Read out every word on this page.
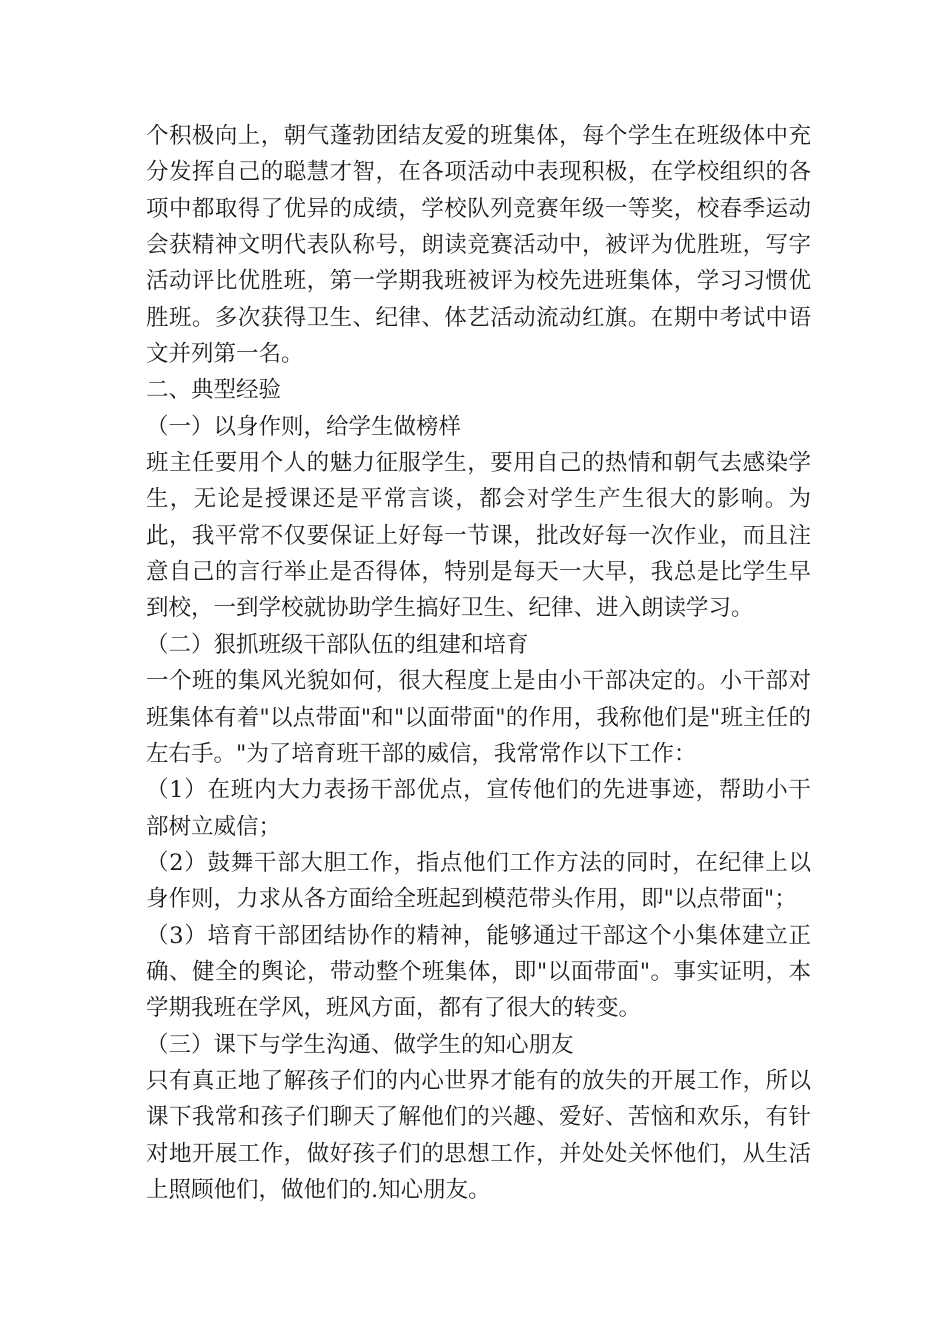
个积极向上，朝气蓬勃团结友爱的班集体，每个学生在班级体中充分发挥自己的聪慧才智，在各项活动中表现积极，在学校组织的各项中都取得了优异的成绩，学校队列竞赛年级一等奖，校春季运动会获精神文明代表队称号，朗读竞赛活动中，被评为优胜班，写字活动评比优胜班，第一学期我班被评为校先进班集体，学习习惯优胜班。多次获得卫生、纪律、体艺活动流动红旗。在期中考试中语文并列第一名。

二、典型经验

（一）以身作则，给学生做榜样

班主任要用个人的魅力征服学生，要用自己的热情和朝气去感染学生，无论是授课还是平常言谈，都会对学生产生很大的影响。为此，我平常不仅要保证上好每一节课，批改好每一次作业，而且注意自己的言行举止是否得体，特别是每天一大早，我总是比学生早到校，一到学校就协助学生搞好卫生、纪律、进入朗读学习。

（二）狠抓班级干部队伍的组建和培育

一个班的集风光貌如何，很大程度上是由小干部决定的。小干部对班集体有着"以点带面"和"以面带面"的作用，我称他们是"班主任的左右手。"为了培育班干部的威信，我常常作以下工作：

（1）在班内大力表扬干部优点，宣传他们的先进事迹，帮助小干部树立威信；

（2）鼓舞干部大胆工作，指点他们工作方法的同时，在纪律上以身作则，力求从各方面给全班起到模范带头作用，即"以点带面"；

（3）培育干部团结协作的精神，能够通过干部这个小集体建立正确、健全的舆论，带动整个班集体，即"以面带面"。事实证明，本学期我班在学风，班风方面，都有了很大的转变。

（三）课下与学生沟通、做学生的知心朋友

只有真正地了解孩子们的内心世界才能有的放失的开展工作，所以课下我常和孩子们聊天了解他们的兴趣、爱好、苦恼和欢乐，有针对地开展工作，做好孩子们的思想工作，并处处关怀他们，从生活上照顾他们，做他们的.知心朋友。
